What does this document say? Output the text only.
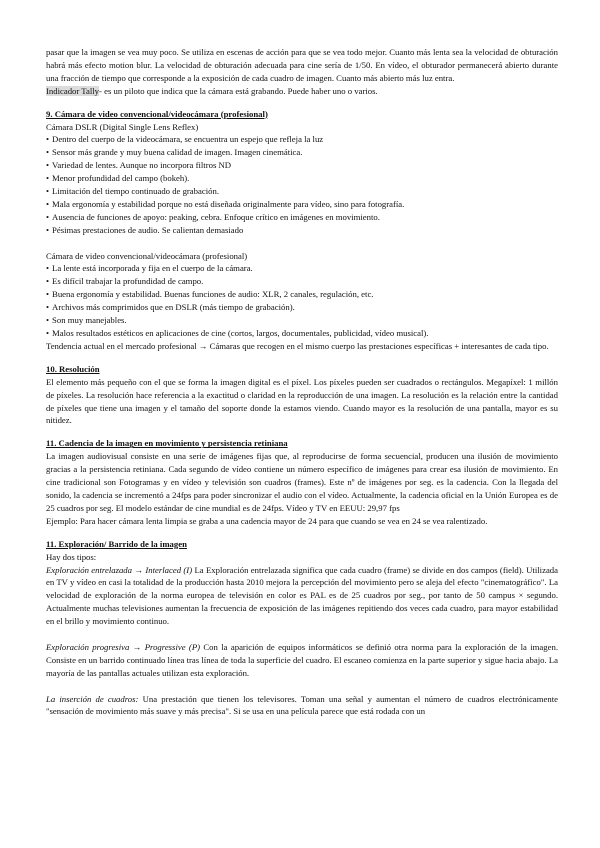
pasar que la imagen se vea muy poco. Se utiliza en escenas de acción para que se vea todo mejor. Cuanto más lenta sea la velocidad de obturación habrá más efecto motion blur. La velocidad de obturación adecuada para cine sería de 1/50. En vídeo, el obturador permanecerá abierto durante una fracción de tiempo que corresponde a la exposición de cada cuadro de imagen. Cuanto más abierto más luz entra.

Indicador Tally- es un piloto que indica que la cámara está grabando. Puede haber uno o varios.

9. Cámara de video convencional/videocámara (profesional)

Cámara DSLR (Digital Single Lens Reflex)

• Dentro del cuerpo de la videocámara, se encuentra un espejo que refleja la luz

• Sensor más grande y muy buena calidad de imagen. Imagen cinemática.

• Variedad de lentes. Aunque no incorpora filtros ND

• Menor profundidad del campo (bokeh).

• Limitación del tiempo continuado de grabación.

• Mala ergonomía y estabilidad porque no está diseñada originalmente para vídeo, sino para fotografía.

• Ausencia de funciones de apoyo: peaking, cebra. Enfoque crítico en imágenes en movimiento.

• Pésimas prestaciones de audio. Se calientan demasiado

Cámara de video convencional/videocámara (profesional)

• La lente está incorporada y fija en el cuerpo de la cámara.

• Es difícil trabajar la profundidad de campo.

• Buena ergonomía y estabilidad. Buenas funciones de audio: XLR, 2 canales, regulación, etc.

• Archivos más comprimidos que en DSLR (más tiempo de grabación).

• Son muy manejables.

• Malos resultados estéticos en aplicaciones de cine (cortos, largos, documentales, publicidad, vídeo musical).

Tendencia actual en el mercado profesional → Cámaras que recogen en el mismo cuerpo las prestaciones específicas + interesantes de cada tipo.

10. Resolución

El elemento más pequeño con el que se forma la imagen digital es el píxel. Los píxeles pueden ser cuadrados o rectángulos. Megapíxel: 1 millón de píxeles. La resolución hace referencia a la exactitud o claridad en la reproducción de una imagen. La resolución es la relación entre la cantidad de píxeles que tiene una imagen y el tamaño del soporte donde la estamos viendo. Cuando mayor es la resolución de una pantalla, mayor es su nitidez.

11. Cadencia de la imagen en movimiento y persistencia retiniana

La imagen audiovisual consiste en una serie de imágenes fijas que, al reproducirse de forma secuencial, producen una ilusión de movimiento gracias a la persistencia retiniana. Cada segundo de vídeo contiene un número específico de imágenes para crear esa ilusión de movimiento. En cine tradicional son Fotogramas y en vídeo y televisión son cuadros (frames). Este nº de imágenes por seg. es la cadencia. Con la llegada del sonido, la cadencia se incrementó a 24fps para poder sincronizar el audio con el vídeo. Actualmente, la cadencia oficial en la Unión Europea es de 25 cuadros por seg. El modelo estándar de cine mundial es de 24fps. Vídeo y TV en EEUU: 29,97 fps

Ejemplo: Para hacer cámara lenta limpia se graba a una cadencia mayor de 24 para que cuando se vea en 24 se vea ralentizado.

11. Exploración/ Barrido de la imagen

Hay dos tipos:

Exploración entrelazada → Interlaced (I) La Exploración entrelazada significa que cada cuadro (frame) se divide en dos campos (field). Utilizada en TV y vídeo en casi la totalidad de la producción hasta 2010 mejora la percepción del movimiento pero se aleja del efecto "cinematográfico". La velocidad de exploración de la norma europea de televisión en color es PAL es de 25 cuadros por seg., por tanto de 50 campus × segundo. Actualmente muchas televisiones aumentan la frecuencia de exposición de las imágenes repitiendo dos veces cada cuadro, para mayor estabilidad en el brillo y movimiento continuo.

Exploración progresiva → Progressive (P) Con la aparición de equipos informáticos se definió otra norma para la exploración de la imagen. Consiste en un barrido continuado línea tras línea de toda la superficie del cuadro. El escaneo comienza en la parte superior y sigue hacia abajo. La mayoría de las pantallas actuales utilizan esta exploración.

La inserción de cuadros: Una prestación que tienen los televisores. Toman una señal y aumentan el número de cuadros electrónicamente "sensación de movimiento más suave y más precisa". Si se usa en una película parece que está rodada con un
